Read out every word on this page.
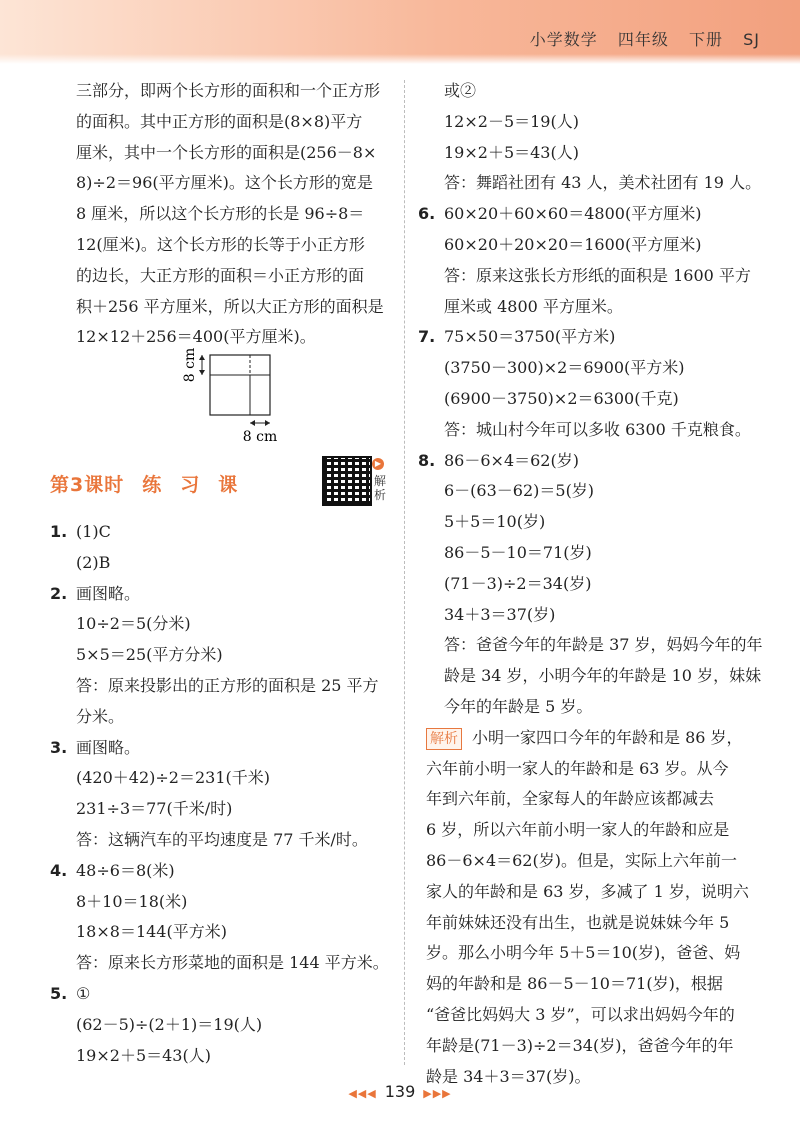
小学数学 四年级 下册 SJ
三部分，即两个长方形的面积和一个正方形
的面积。其中正方形的面积是(8×8)平方
厘米，其中一个长方形的面积是(256－8×
8)÷2＝96(平方厘米)。这个长方形的宽是
8 厘米，所以这个长方形的长是 96÷8＝
12(厘米)。这个长方形的长等于小正方形
的边长，大正方形的面积＝小正方形的面
积＋256 平方厘米，所以大正方形的面积是
12×12＋256＝400(平方厘米)。
8 cm
8 cm
第3课时 练 习 课
▶
解析
1. (1)C
(2)B
2. 画图略。
10÷2＝5(分米)
5×5＝25(平方分米)
答：原来投影出的正方形的面积是 25 平方
分米。
3. 画图略。
(420＋42)÷2＝231(千米)
231÷3＝77(千米/时)
答：这辆汽车的平均速度是 77 千米/时。
4. 48÷6＝8(米)
8＋10＝18(米)
18×8＝144(平方米)
答：原来长方形菜地的面积是 144 平方米。
5. ①
(62－5)÷(2＋1)＝19(人)
19×2＋5＝43(人)
或②
12×2－5＝19(人)
19×2＋5＝43(人)
答：舞蹈社团有 43 人，美术社团有 19 人。
6. 60×20＋60×60＝4800(平方厘米)
60×20＋20×20＝1600(平方厘米)
答：原来这张长方形纸的面积是 1600 平方
厘米或 4800 平方厘米。
7. 75×50＝3750(平方米)
(3750－300)×2＝6900(平方米)
(6900－3750)×2＝6300(千克)
答：城山村今年可以多收 6300 千克粮食。
8. 86－6×4＝62(岁)
6－(63－62)＝5(岁)
5＋5＝10(岁)
86－5－10＝71(岁)
(71－3)÷2＝34(岁)
34＋3＝37(岁)
答：爸爸今年的年龄是 37 岁，妈妈今年的年
龄是 34 岁，小明今年的年龄是 10 岁，妹妹
今年的年龄是 5 岁。
解析 小明一家四口今年的年龄和是 86 岁，
六年前小明一家人的年龄和是 63 岁。从今
年到六年前，全家每人的年龄应该都减去
6 岁，所以六年前小明一家人的年龄和应是
86－6×4＝62(岁)。但是，实际上六年前一
家人的年龄和是 63 岁，多减了 1 岁，说明六
年前妹妹还没有出生，也就是说妹妹今年 5
岁。那么小明今年 5＋5＝10(岁)，爸爸、妈
妈的年龄和是 86－5－10＝71(岁)，根据
“爸爸比妈妈大 3 岁”，可以求出妈妈今年的
年龄是(71－3)÷2＝34(岁)，爸爸今年的年
龄是 34＋3＝37(岁)。
◀◀◀ 139 ▶▶▶
